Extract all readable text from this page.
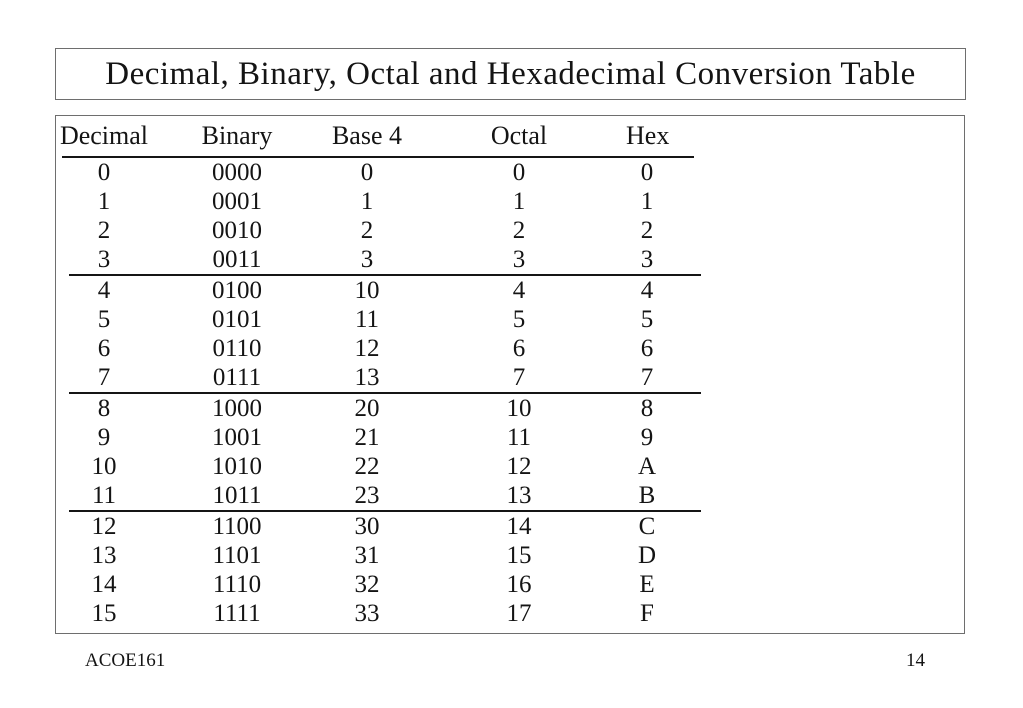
Decimal, Binary, Octal and Hexadecimal Conversion Table
Decimal	Binary	Base 4	Octal	Hex
0	0000	0	0	0
1	0001	1	1	1
2	0010	2	2	2
3	0011	3	3	3
4	0100	10	4	4
5	0101	11	5	5
6	0110	12	6	6
7	0111	13	7	7
8	1000	20	10	8
9	1001	21	11	9
10	1010	22	12	A
11	1011	23	13	B
12	1100	30	14	C
13	1101	31	15	D
14	1110	32	16	E
15	1111	33	17	F
ACOE161	14
